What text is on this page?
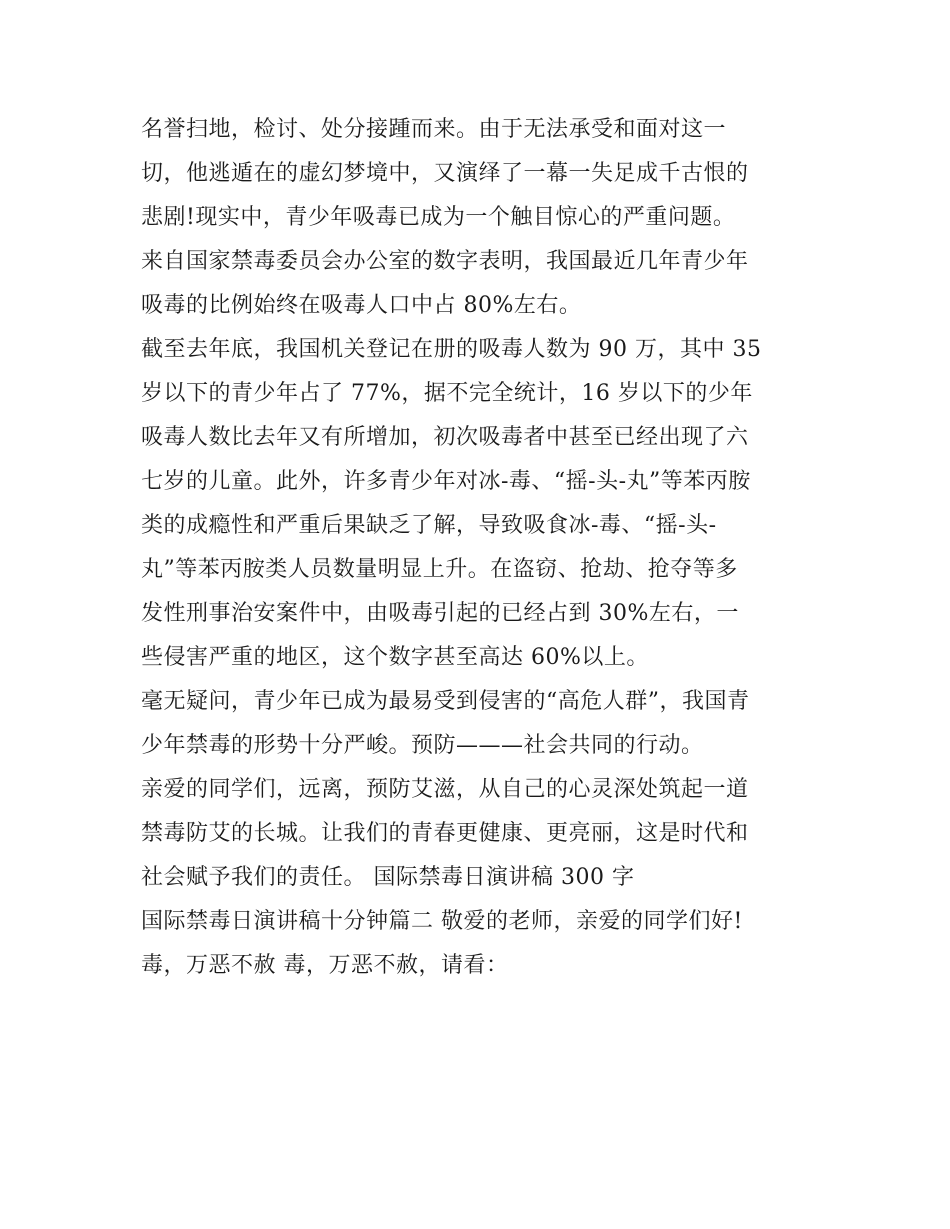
名誉扫地，检讨、处分接踵而来。由于无法承受和面对这一
切，他逃遁在的虚幻梦境中，又演绎了一幕一失足成千古恨的
悲剧!现实中，青少年吸毒已成为一个触目惊心的严重问题。
来自国家禁毒委员会办公室的数字表明，我国最近几年青少年
吸毒的比例始终在吸毒人口中占 80%左右。
截至去年底，我国机关登记在册的吸毒人数为 90 万，其中 35
岁以下的青少年占了 77%，据不完全统计，16 岁以下的少年
吸毒人数比去年又有所增加，初次吸毒者中甚至已经出现了六
七岁的儿童。此外，许多青少年对冰-毒、“摇-头-丸”等苯丙胺
类的成瘾性和严重后果缺乏了解，导致吸食冰-毒、“摇-头-
丸”等苯丙胺类人员数量明显上升。在盗窃、抢劫、抢夺等多
发性刑事治安案件中，由吸毒引起的已经占到 30%左右，一
些侵害严重的地区，这个数字甚至高达 60%以上。
毫无疑问，青少年已成为最易受到侵害的“高危人群”，我国青
少年禁毒的形势十分严峻。预防———社会共同的行动。
亲爱的同学们，远离，预防艾滋，从自己的心灵深处筑起一道
禁毒防艾的长城。让我们的青春更健康、更亮丽，这是时代和
社会赋予我们的责任。 国际禁毒日演讲稿 300 字
国际禁毒日演讲稿十分钟篇二 敬爱的老师，亲爱的同学们好!
毒，万恶不赦 毒，万恶不赦，请看：
